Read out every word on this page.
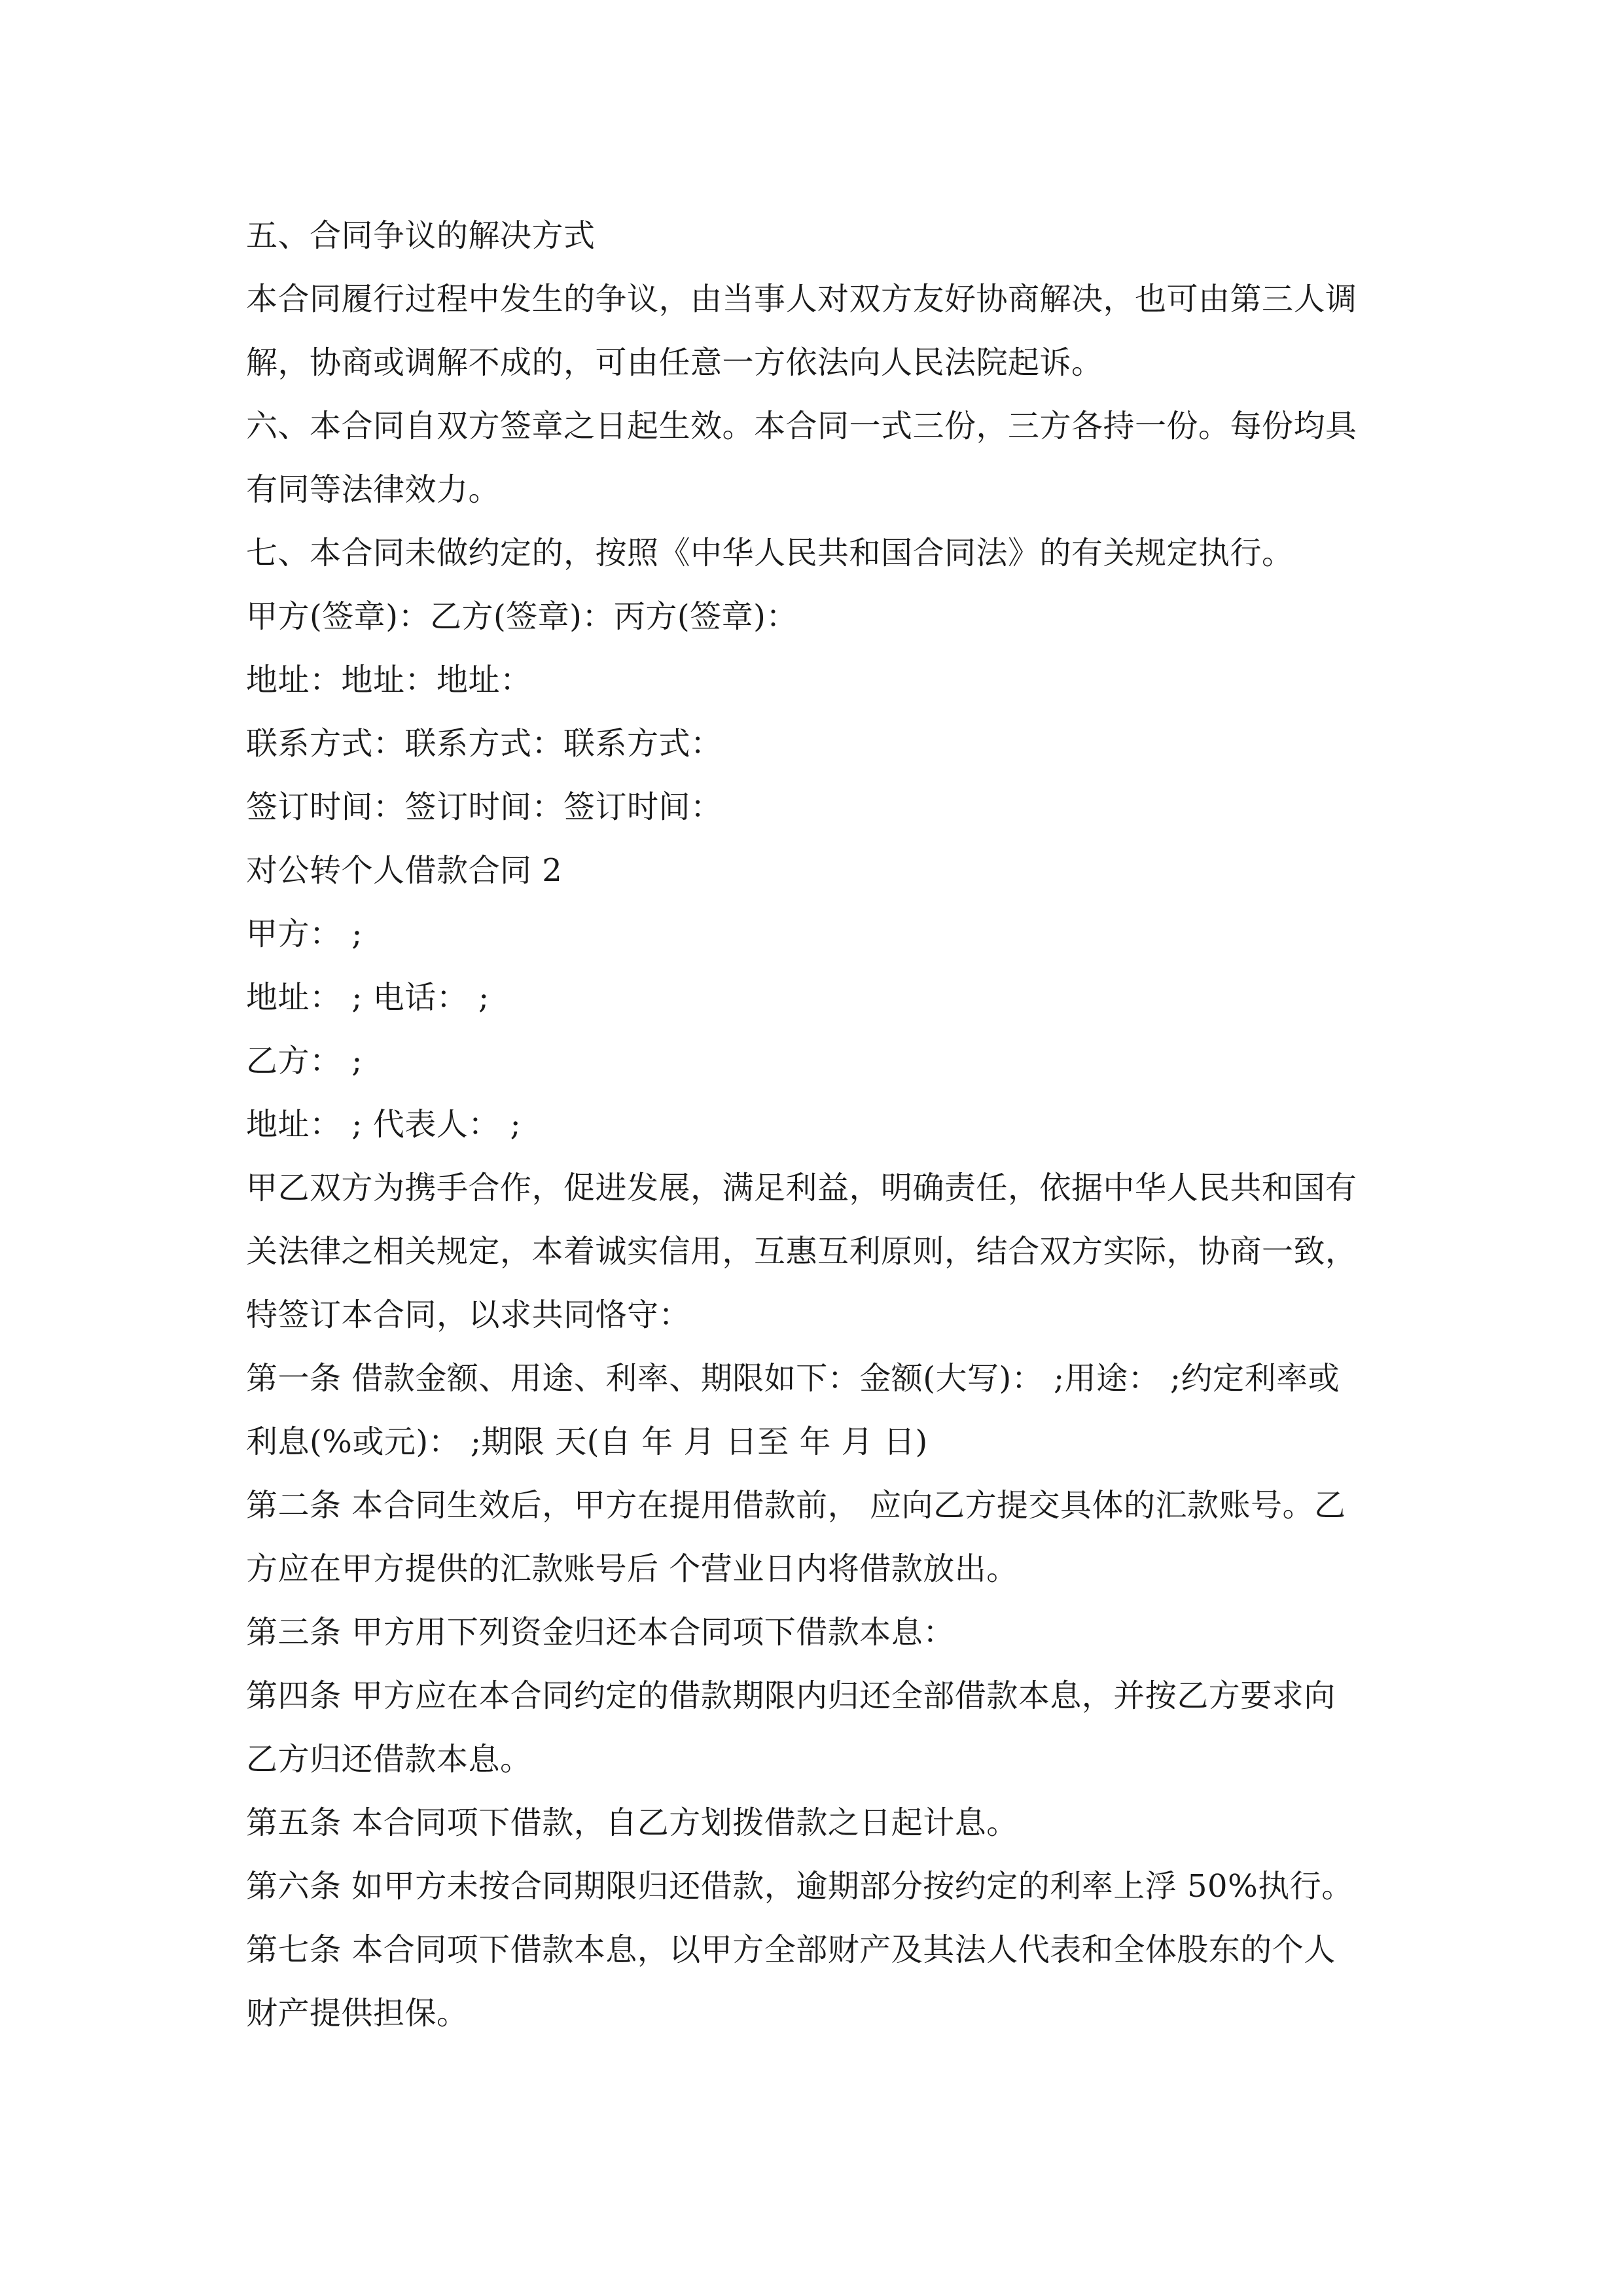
五、合同争议的解决方式
本合同履行过程中发生的争议，由当事人对双方友好协商解决，也可由第三人调
解，协商或调解不成的，可由任意一方依法向人民法院起诉。
六、本合同自双方签章之日起生效。本合同一式三份，三方各持一份。每份均具
有同等法律效力。
七、本合同未做约定的，按照《中华人民共和国合同法》的有关规定执行。
甲方(签章)：乙方(签章)：丙方(签章)：
地址：地址：地址：
联系方式：联系方式：联系方式：
签订时间：签订时间：签订时间：
对公转个人借款合同 2
甲方： ;
地址： ; 电话： ;
乙方： ;
地址： ; 代表人： ;
甲乙双方为携手合作，促进发展，满足利益，明确责任，依据中华人民共和国有
关法律之相关规定，本着诚实信用，互惠互利原则，结合双方实际，协商一致，
特签订本合同，以求共同恪守：
第一条 借款金额、用途、利率、期限如下：金额(大写)： ;用途： ;约定利率或
利息(%或元)： ;期限 天(自 年 月 日至 年 月 日)
第二条 本合同生效后，甲方在提用借款前， 应向乙方提交具体的汇款账号。乙
方应在甲方提供的汇款账号后 个营业日内将借款放出。
第三条 甲方用下列资金归还本合同项下借款本息：
第四条 甲方应在本合同约定的借款期限内归还全部借款本息，并按乙方要求向
乙方归还借款本息。
第五条 本合同项下借款，自乙方划拨借款之日起计息。
第六条 如甲方未按合同期限归还借款，逾期部分按约定的利率上浮 50%执行。
第七条 本合同项下借款本息，以甲方全部财产及其法人代表和全体股东的个人
财产提供担保。
